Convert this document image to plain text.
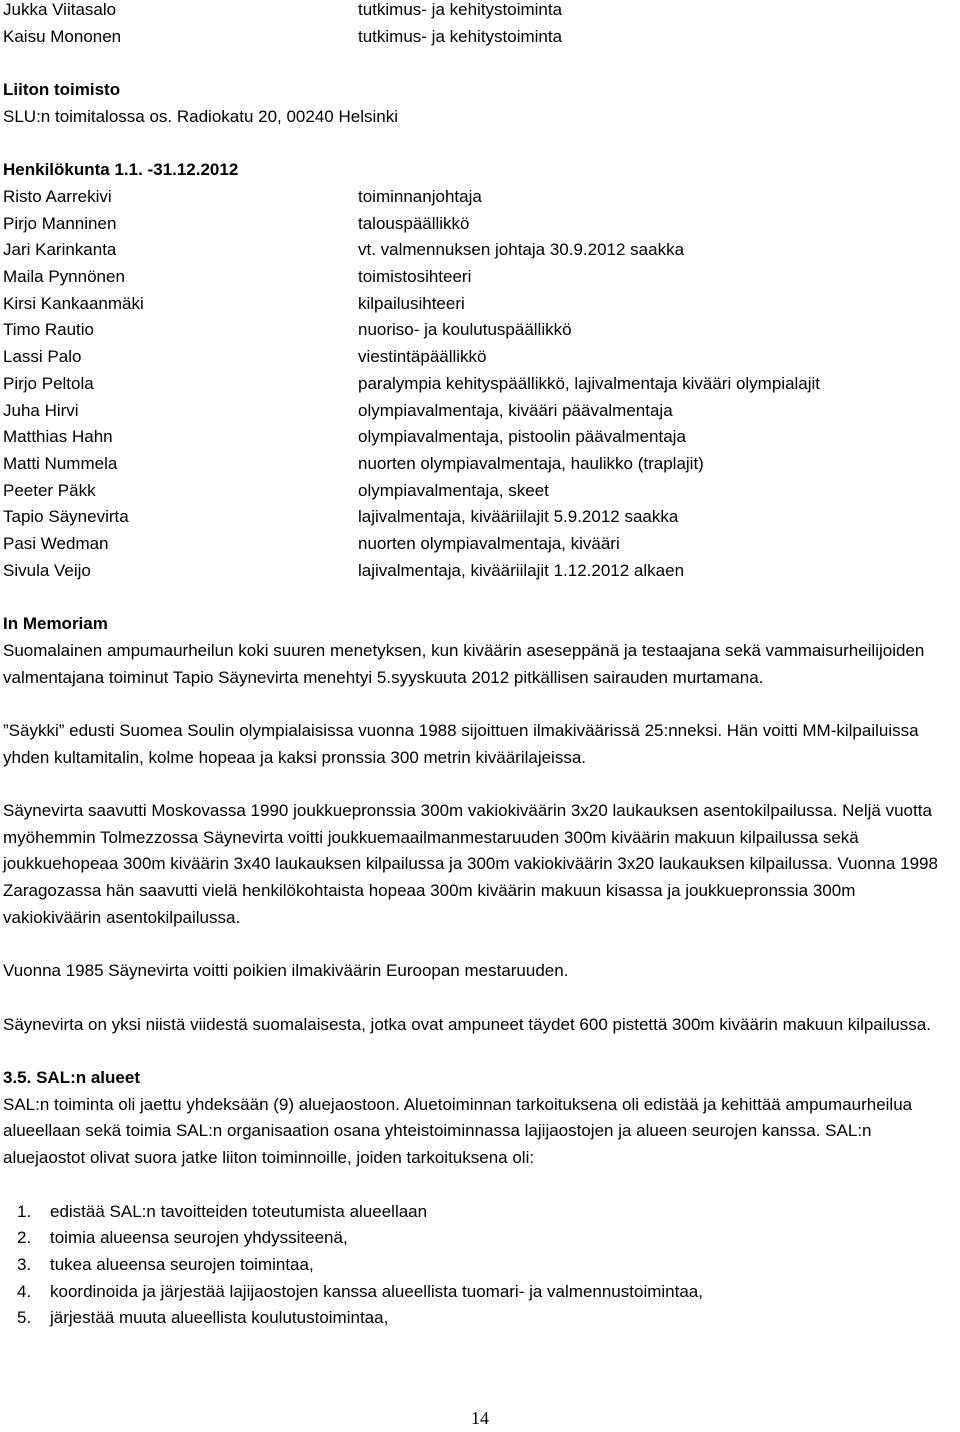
Jukka Viitasalo	tutkimus- ja kehitystoiminta
Kaisu Mononen	tutkimus- ja kehitystoiminta
Liiton toimisto
SLU:n toimitalossa os. Radiokatu 20, 00240 Helsinki
Henkilökunta 1.1. -31.12.2012
Risto Aarrekivi	toiminnanjohtaja
Pirjo Manninen	talouspäällikkö
Jari Karinkanta	vt. valmennuksen johtaja 30.9.2012 saakka
Maila Pynnönen	toimistosihteeri
Kirsi Kankaanmäki	kilpailusihteeri
Timo Rautio	nuoriso- ja koulutuspäällikkö
Lassi Palo	viestintäpäällikkö
Pirjo Peltola	paralympia kehityspäällikkö, lajivalmentaja kivääri olympialajit
Juha Hirvi	olympiavalmentaja, kivääri päävalmentaja
Matthias Hahn	olympiavalmentaja, pistoolin päävalmentaja
Matti Nummela	nuorten olympiavalmentaja, haulikko (traplajit)
Peeter Päkk	olympiavalmentaja, skeet
Tapio Säynevirta	lajivalmentaja, kivääriilajit 5.9.2012 saakka
Pasi Wedman	nuorten olympiavalmentaja, kivääri
Sivula Veijo	lajivalmentaja, kivääriilajit 1.12.2012 alkaen
In Memoriam

Suomalainen ampumaurheilun koki suuren menetyksen, kun kiväärin aseseppänä ja testaajana sekä vammaisurheilijoiden valmentajana toiminut Tapio Säynevirta menehtyi 5.syyskuuta 2012 pitkällisen sairauden murtamana.

”Säykki” edusti Suomea Soulin olympialaisissa vuonna 1988 sijoittuen ilmakiväärissä 25:nneksi. Hän voitti MM-kilpailuissa yhden kultamitalin, kolme hopeaa ja kaksi pronssia 300 metrin kiväärilajeissa.

Säynevirta saavutti Moskovassa 1990 joukkuepronssia 300m vakiokiväärin 3x20 laukauksen asentokilpailussa. Neljä vuotta myöhemmin Tolmezzossa Säynevirta voitti joukkuemaailmanmestaruuden 300m kiväärin makuun kilpailussa sekä joukkuehopeaa 300m kiväärin 3x40 laukauksen kilpailussa ja 300m vakiokiväärin 3x20 laukauksen kilpailussa. Vuonna 1998 Zaragozassa hän saavutti vielä henkilökohtaista hopeaa 300m kiväärin makuun kisassa ja joukkuepronssia 300m vakiokiväärin asentokilpailussa.

Vuonna 1985 Säynevirta voitti poikien ilmakiväärin Euroopan mestaruuden.

Säynevirta on yksi niistä viidestä suomalaisesta, jotka ovat ampuneet täydet 600 pistettä 300m kiväärin makuun kilpailussa.

3.5. SAL:n alueet

SAL:n toiminta oli jaettu yhdeksään (9) aluejaostoon. Aluetoiminnan tarkoituksena oli edistää ja kehittää ampumaurheilua alueellaan sekä toimia SAL:n organisaation osana yhteistoiminnassa lajijaostojen ja alueen seurojen kanssa. SAL:n aluejaostot olivat suora jatke liiton toiminnoille, joiden tarkoituksena oli:

1.	edistää SAL:n tavoitteiden toteutumista alueellaan
2.	toimia alueensa seurojen yhdyssiteenä,
3.	tukea alueensa seurojen toimintaa,
4.	koordinoida ja järjestää lajijaostojen kanssa alueellista tuomari- ja valmennustoimintaa,
5.	järjestää muuta alueellista koulutustoimintaa,
14
